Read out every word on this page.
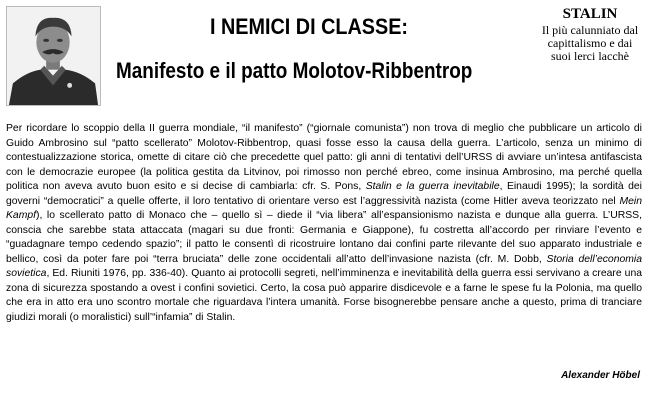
I NEMICI DI CLASSE:
Manifesto e il patto Molotov-Ribbentrop
STALIN
Il più calunniato dal capittalismo e dai suoi lerci lacchè
Per ricordare lo scoppio della II guerra mondiale, “il manifesto” (“giornale comunista”) non trova di meglio che pubblicare un articolo di Guido Ambrosino sul “patto scellerato” Molotov-Ribbentrop, quasi fosse esso la causa della guerra. L’articolo, senza un minimo di contestualizzazione storica, omette di citare ciò che precedette quel patto: gli anni di tentativi dell’URSS di avviare un’intesa antifascista con le democrazie europee (la politica gestita da Litvinov, poi rimosso non perché ebreo, come insinua Ambrosino, ma perché quella politica non aveva avuto buon esito e si decise di cambiarla: cfr. S. Pons, Stalin e la guerra inevitabile, Einaudi 1995); la sordità dei governi “democratici” a quelle offerte, il loro tentativo di orientare verso est l’aggressività nazista (come Hitler aveva teorizzato nel Mein Kampf), lo scellerato patto di Monaco che – quello sì – diede il “via libera” all’espansionismo nazista e dunque alla guerra. L’URSS, conscia che sarebbe stata attaccata (magari su due fronti: Germania e Giappone), fu costretta all’accordo per rinviare l’evento e “guadagnare tempo cedendo spazio”; il patto le consentì di ricostruire lontano dai confini parte rilevante del suo apparato industriale e bellico, così da poter fare poi “terra bruciata” delle zone occidentali all’atto dell’invasione nazista (cfr. M. Dobb, Storia dell’economia sovietica, Ed. Riuniti 1976, pp. 336-40). Quanto ai protocolli segreti, nell’imminenza e inevitabilità della guerra essi servivano a creare una zona di sicurezza spostando a ovest i confini sovietici. Certo, la cosa può apparire disdicevole e a farne le spese fu la Polonia, ma quello che era in atto era uno scontro mortale che riguardava l’intera umanità. Forse bisognerebbe pensare anche a questo, prima di tranciare giudizi morali (o moralistici) sull’“infamia” di Stalin.
Alexander Höbel
